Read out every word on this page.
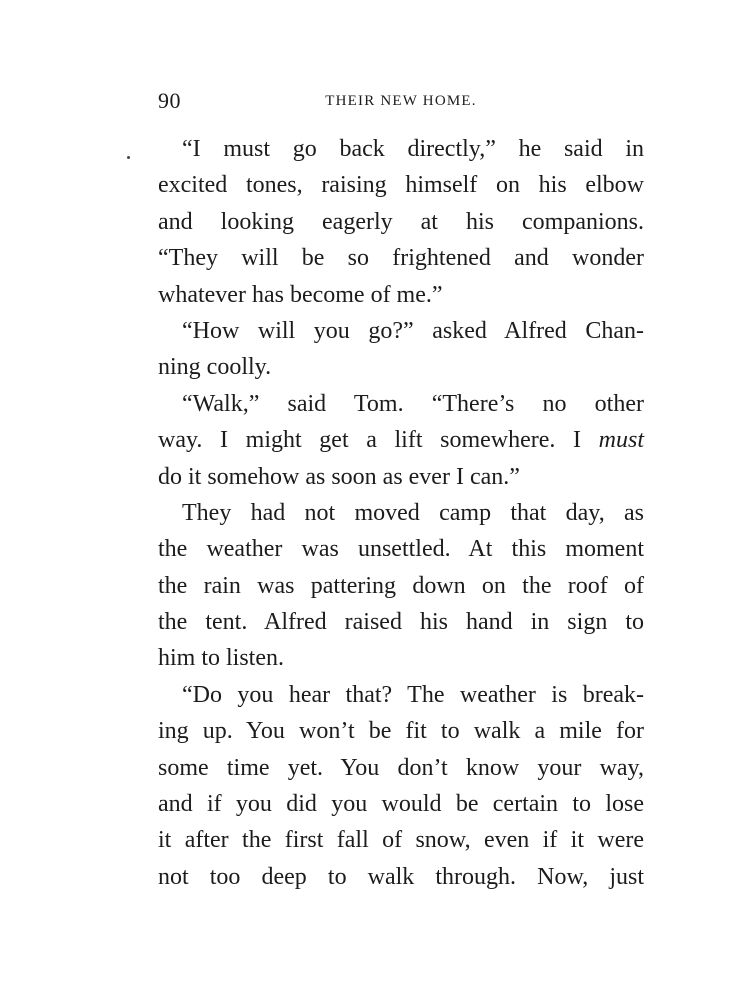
90	THEIR NEW HOME.
“I must go back directly,” he said in
excited tones, raising himself on his elbow
and looking eagerly at his companions.
“They will be so frightened and wonder
whatever has become of me.”
“How will you go?” asked Alfred Chan-
ning coolly.
“Walk,” said Tom. “There’s no other
way. I might get a lift somewhere. I must
do it somehow as soon as ever I can.”
They had not moved camp that day, as
the weather was unsettled. At this moment
the rain was pattering down on the roof of
the tent. Alfred raised his hand in sign to
him to listen.
“Do you hear that? The weather is break-
ing up. You won’t be fit to walk a mile for
some time yet. You don’t know your way,
and if you did you would be certain to lose
it after the first fall of snow, even if it were
not too deep to walk through. Now, just
